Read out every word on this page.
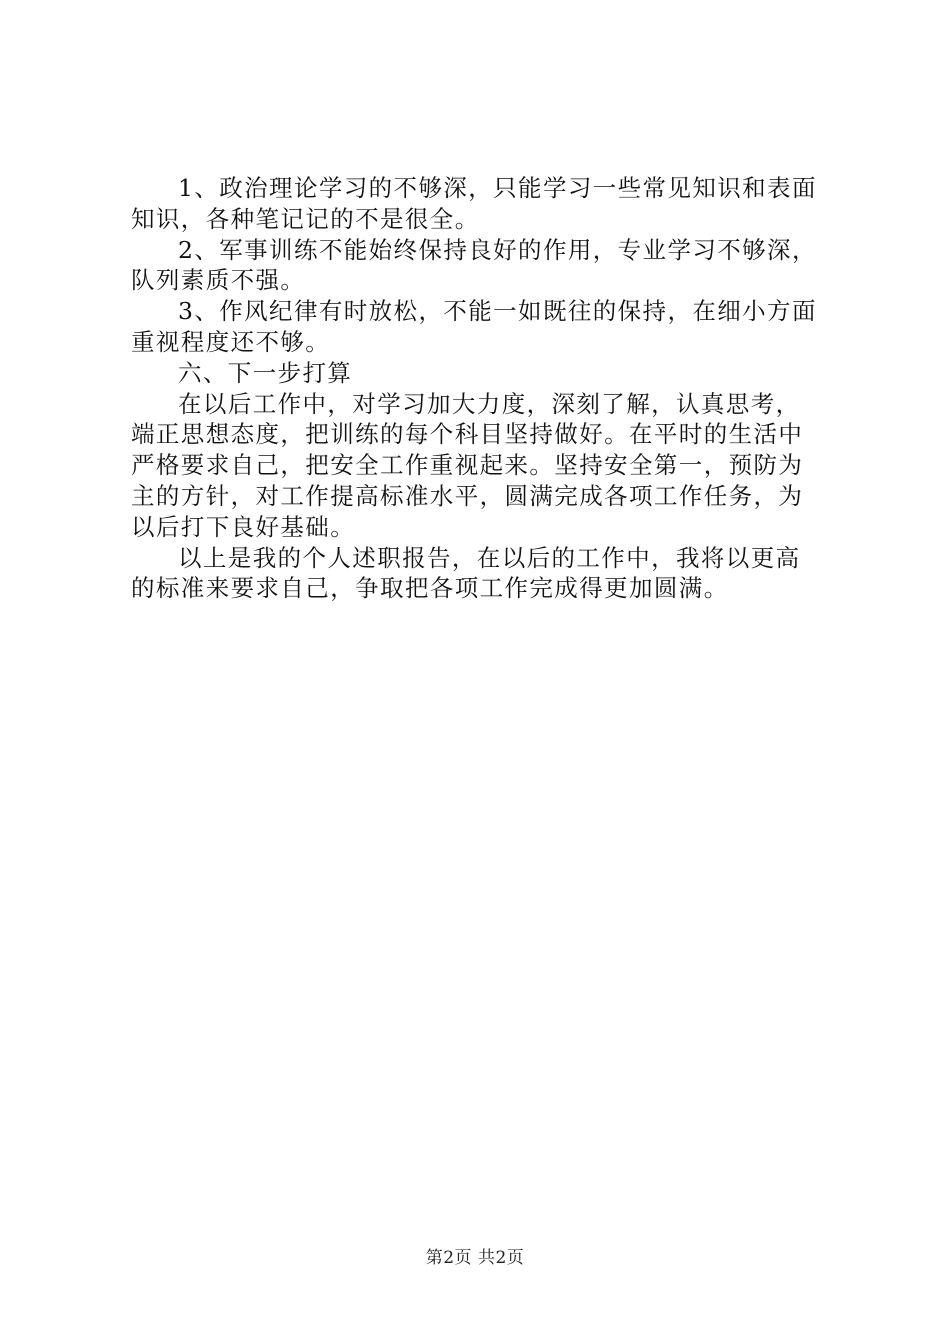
1、政治理论学习的不够深，只能学习一些常见知识和表面
知识，各种笔记记的不是很全。

2、军事训练不能始终保持良好的作用，专业学习不够深，
队列素质不强。

3、作风纪律有时放松，不能一如既往的保持，在细小方面
重视程度还不够。

六、下一步打算

在以后工作中，对学习加大力度，深刻了解，认真思考，
端正思想态度，把训练的每个科目坚持做好。在平时的生活中
严格要求自己，把安全工作重视起来。坚持安全第一，预防为
主的方针，对工作提高标准水平，圆满完成各项工作任务，为
以后打下良好基础。

以上是我的个人述职报告，在以后的工作中，我将以更高
的标准来要求自己，争取把各项工作完成得更加圆满。

第2页 共2页
